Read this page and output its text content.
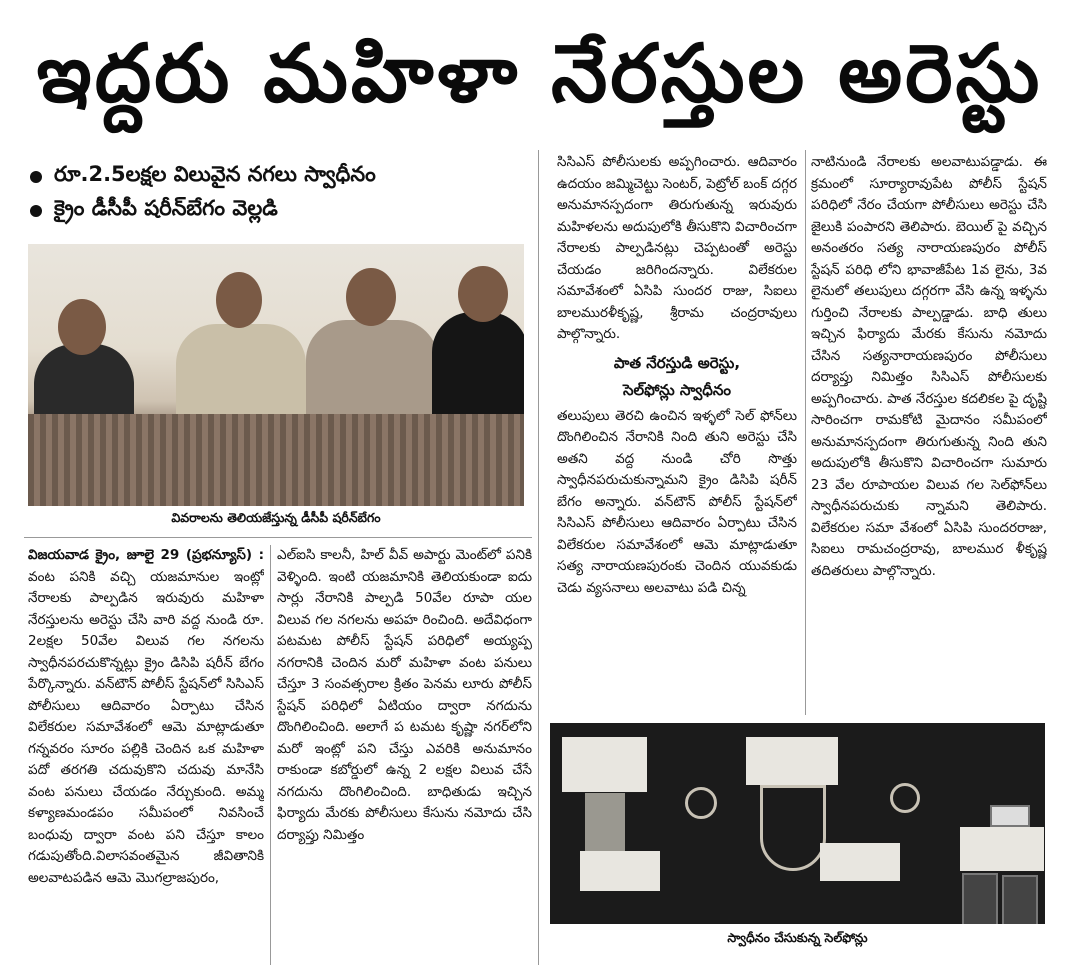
ఇద్దరు మహిళా నేరస్తుల అరెస్టు
రూ.2.5లక్షల విలువైన నగలు స్వాధీనం
క్రైం డీసీపీ షరీన్‌బేగం వెల్లడి
వివరాలను తెలియజేస్తున్న డీసీపీ షరీన్‌బేగం

విజయవాడ క్రైం, జూలై 29 (ప్రభన్యూస్) : వంట పనికి వచ్చి యజమానుల ఇంట్లో నేరాలకు పాల్పడిన ఇరువురు మహిళా నేరస్తులను అరెస్టు చేసి వారి వద్ద నుండి రూ. 2లక్షల 50వేల విలువ గల నగలను స్వాధీనపరచుకొన్నట్లు క్రైం డిసిపి షరీన్ బేగం పేర్కొన్నారు. వన్‌టౌన్ పోలీస్ స్టేషన్‌లో సిసిఎస్ పోలీసులు ఆదివారం ఏర్పాటు చేసిన విలేకరుల సమావేశంలో ఆమె మాట్లాడుతూ గన్నవరం సూరం పల్లికి చెందిన ఒక మహిళా పదో తరగతి చదువుకొని చదువు మానేసి వంట పనులు చేయడం నేర్చుకుంది. అమ్మ కళ్యాణమండపం సమీపంలో నివసించే బంధువు ద్వారా వంట పని చేస్తూ కాలం గడుపుతోంది.విలాసవంతమైన జీవితానికి అలవాటపడిన ఆమె మొగల్రాజపురం,

ఎల్ఐసి కాలనీ, హిల్ వీవ్ అపార్టు మెంట్‌లో పనికి వెళ్ళింది. ఇంటి యజమానికి తెలియకుండా ఐదు సార్లు నేరానికి పాల్పడి 50వేల రూపా యల విలువ గల నగలను అపహ రించింది. అదేవిధంగా పటమట పోలీస్ స్టేషన్ పరిధిలో అయ్యప్ప నగరానికి చెందిన మరో మహిళా వంట పనులు చేస్తూ 3 సంవత్సరాల క్రితం పెనమ లూరు పోలీస్ స్టేషన్ పరిధిలో ఏటియం ద్వారా నగదును దొంగిలించింది. అలాగే ప టమట కృష్ణా నగర్‌లోని మరో ఇంట్లో పని చేస్తు ఎవరికి అనుమానం రాకుండా కబోర్డులో ఉన్న 2 లక్షల విలువ చేసే నగదును దొంగిలించింది. బాధితుడు ఇచ్చిన ఫిర్యాదు మేరకు పోలీసులు కేసును నమోదు చేసి దర్యాప్తు నిమిత్తం

సిసిఎస్ పోలీసులకు అప్పగించారు. ఆదివారం ఉదయం జమ్మిచెట్టు సెంటర్, పెట్రోల్ బంక్ దగ్గర అనుమానస్పదంగా తిరుగుతున్న ఇరువురు మహిళలను అదుపులోకి తీసుకొని విచారించగా నేరాలకు పాల్పడినట్లు చెప్పటంతో అరెస్టు చేయడం జరిగిందన్నారు. విలేకరుల సమావేశంలో ఏసిపి సుందర రాజు, సిఐలు బాలమురళీకృష్ణ, శ్రీరామ చంద్రరావులు పాల్గొన్నారు.

పాత నేరస్తుడి అరెస్టు,
సెల్‌ఫోన్లు స్వాధీనం

తలుపులు తెరచి ఉంచిన ఇళ్ళలో సెల్ ఫోన్‌లు దొంగిలించిన నేరానికి నింది తుని అరెస్టు చేసి అతని వద్ద నుండి చోరి సొత్తు స్వాధీనపరుచుకున్నామని క్రైం డిసిపి షరీన్ బేగం అన్నారు. వన్‌టౌన్ పోలీస్ స్టేషన్‌లో సిసిఎస్ పోలీసులు ఆదివారం ఏర్పాటు చేసిన విలేకరుల సమావేశంలో ఆమె మాట్లాడుతూ సత్య నారాయణపురంకు చెందిన యువకుడు చెడు వ్యసనాలు అలవాటు పడి చిన్న

నాటినుండి నేరాలకు అలవాటుపడ్డాడు. ఈ క్రమంలో సూర్యారావుపేట పోలీస్ స్టేషన్ పరిధిలో నేరం చేయగా పోలీసులు అరెస్టు చేసి జైలుకి పంపారని తెలిపారు. బెయిల్ పై వచ్చిన అనంతరం సత్య నారాయణపురం పోలీస్ స్టేషన్ పరిధి లోని భావాజీపేట 1వ లైను, 3వ లైనులో తలుపులు దగ్గరగా వేసి ఉన్న ఇళ్ళను గుర్తించి నేరాలకు పాల్పడ్డాడు. బాధి తులు ఇచ్చిన ఫిర్యాదు మేరకు కేసును నమోదు చేసిన సత్యనారాయణపురం పోలీసులు దర్యాప్తు నిమిత్తం సిసిఎస్ పోలీసులకు అప్పగించారు. పాత నేరస్తుల కదలికల పై దృష్టి సారించగా రామకోటి మైదానం సమీపంలో అనుమానస్పదంగా తిరుగుతున్న నింది తుని అదుపులోకి తీసుకొని విచారించగా సుమారు 23 వేల రూపాయల విలువ గల సెల్‌ఫోన్‌లు స్వాధీనపరుచుకు న్నామని తెలిపారు. విలేకరుల సమా వేశంలో ఏసిపి సుందరరాజు, సిఐలు రామచంద్రరావు, బాలముర ళీకృష్ణ తదితరులు పాల్గొన్నారు.

స్వాధీనం చేసుకున్న సెల్‌ఫోన్లు
